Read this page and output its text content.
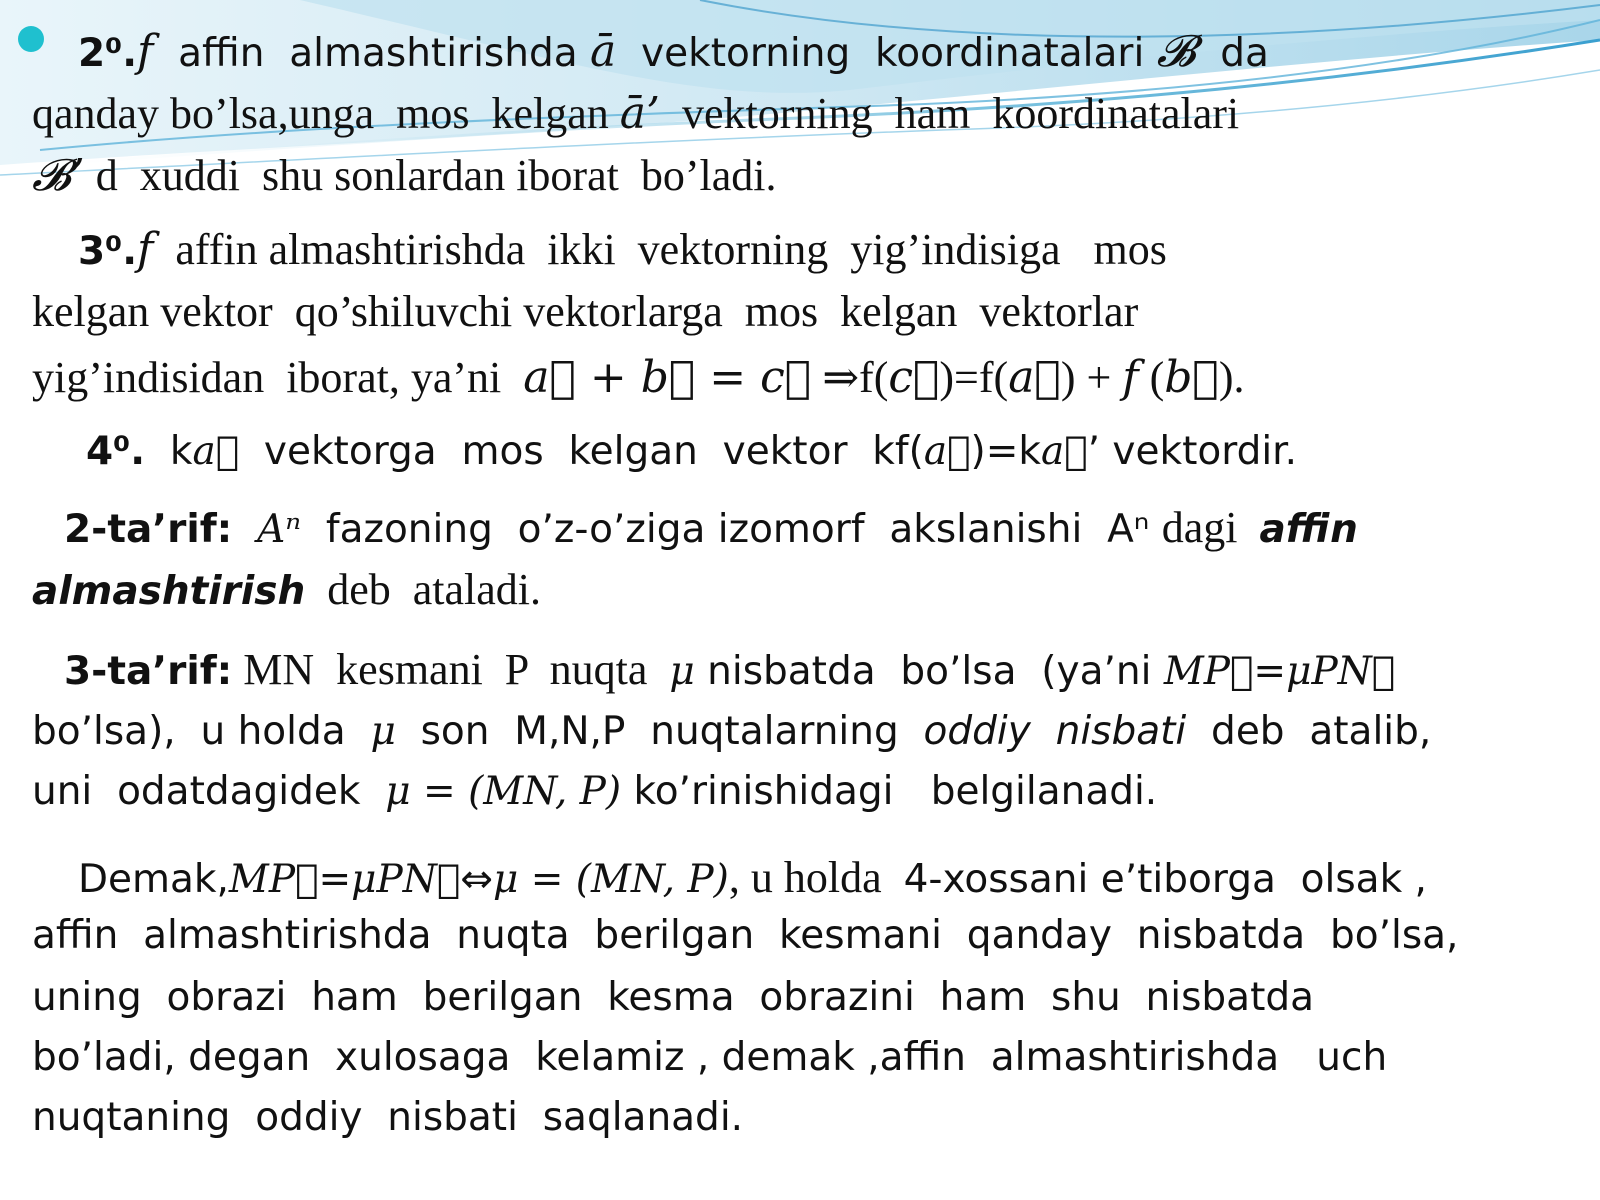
2⁰.f  affin  almashtirishda ā  vektorning  koordinatalari 𝓑  da
qanday bo’lsa,unga  mos  kelgan ā’  vektorning  ham  koordinatalari
𝓑’ d  xuddi  shu sonlardan iborat  bo’ladi.
3⁰.f  affin almashtirishda  ikki  vektorning  yig’indisiga   mos
kelgan vektor  qo’shiluvchi vektorlarga  mos  kelgan  vektorlar
yig’indisidan  iborat, ya’ni  a⃗ + b⃗ = c⃗ ⇒f(c⃗)=f(a⃗) + f (b⃗).
4⁰.  ka⃗  vektorga  mos  kelgan  vektor  kf(a⃗)=ka⃗’ vektordir.
2-ta’rif: Aⁿ  fazoning  o’z-o’ziga izomorf  akslanishi  Aⁿ dagi  affin
almashtirish  deb  ataladi.
3-ta’rif: MN  kesmani  P  nuqta  μ nisbatda  bo’lsa  (ya’ni MP⃗=μPN⃗
bo’lsa),  u holda  μ  son  M,N,P  nuqtalarning  oddiy  nisbati  deb  atalib,
uni  odatdagidek  μ = (MN, P) ko’rinishidagi   belgilanadi.
Demak,MP⃗=μPN⃗⇔μ = (MN, P), u holda  4-xossani e’tiborga  olsak ,
affin  almashtirishda  nuqta  berilgan  kesmani  qanday  nisbatda  bo’lsa,
uning  obrazi  ham  berilgan  kesma  obrazini  ham  shu  nisbatda
bo’ladi, degan  xulosaga  kelamiz , demak ,affin  almashtirishda   uch
nuqtaning  oddiy  nisbati  saqlanadi.
